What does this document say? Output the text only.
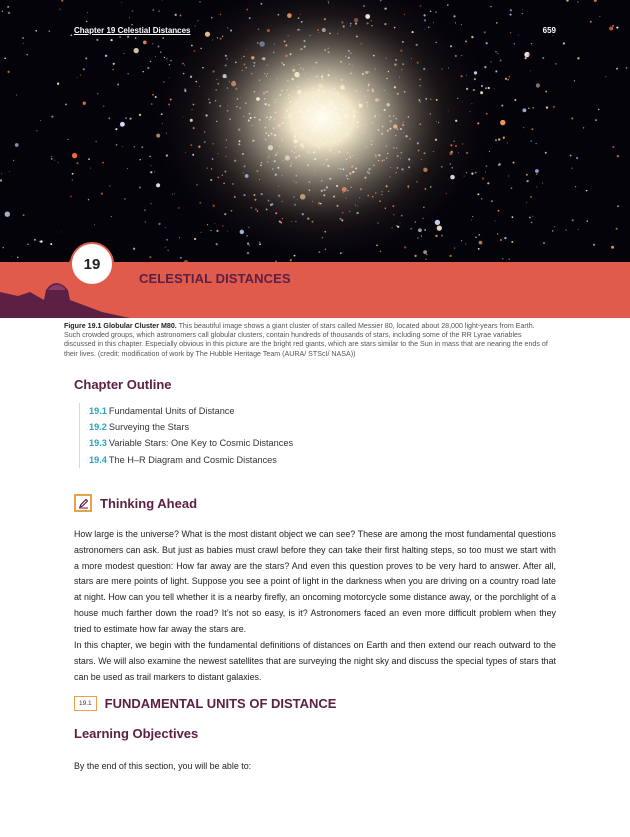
Chapter 19 Celestial Distances	659
19
CELESTIAL DISTANCES
Figure 19.1 Globular Cluster M80. This beautiful image shows a giant cluster of stars called Messier 80, located about 28,000 light-years from Earth. Such crowded groups, which astronomers call globular clusters, contain hundreds of thousands of stars, including some of the RR Lyrae variables discussed in this chapter. Especially obvious in this picture are the bright red giants, which are stars similar to the Sun in mass that are nearing the ends of their lives. (credit: modification of work by The Hubble Heritage Team (AURA/ STScI/ NASA))
Chapter Outline
19.1 Fundamental Units of Distance
19.2 Surveying the Stars
19.3 Variable Stars: One Key to Cosmic Distances
19.4 The H–R Diagram and Cosmic Distances
Thinking Ahead

How large is the universe? What is the most distant object we can see? These are among the most fundamental questions astronomers can ask. But just as babies must crawl before they can take their first halting steps, so too must we start with a more modest question: How far away are the stars? And even this question proves to be very hard to answer. After all, stars are mere points of light. Suppose you see a point of light in the darkness when you are driving on a country road late at night. How can you tell whether it is a nearby firefly, an oncoming motorcycle some distance away, or the porchlight of a house much farther down the road? It’s not so easy, is it? Astronomers faced an even more difficult problem when they tried to estimate how far away the stars are.

In this chapter, we begin with the fundamental definitions of distances on Earth and then extend our reach outward to the stars. We will also examine the newest satellites that are surveying the night sky and discuss the special types of stars that can be used as trail markers to distant galaxies.

19.1	FUNDAMENTAL UNITS OF DISTANCE
Learning Objectives

By the end of this section, you will be able to:
